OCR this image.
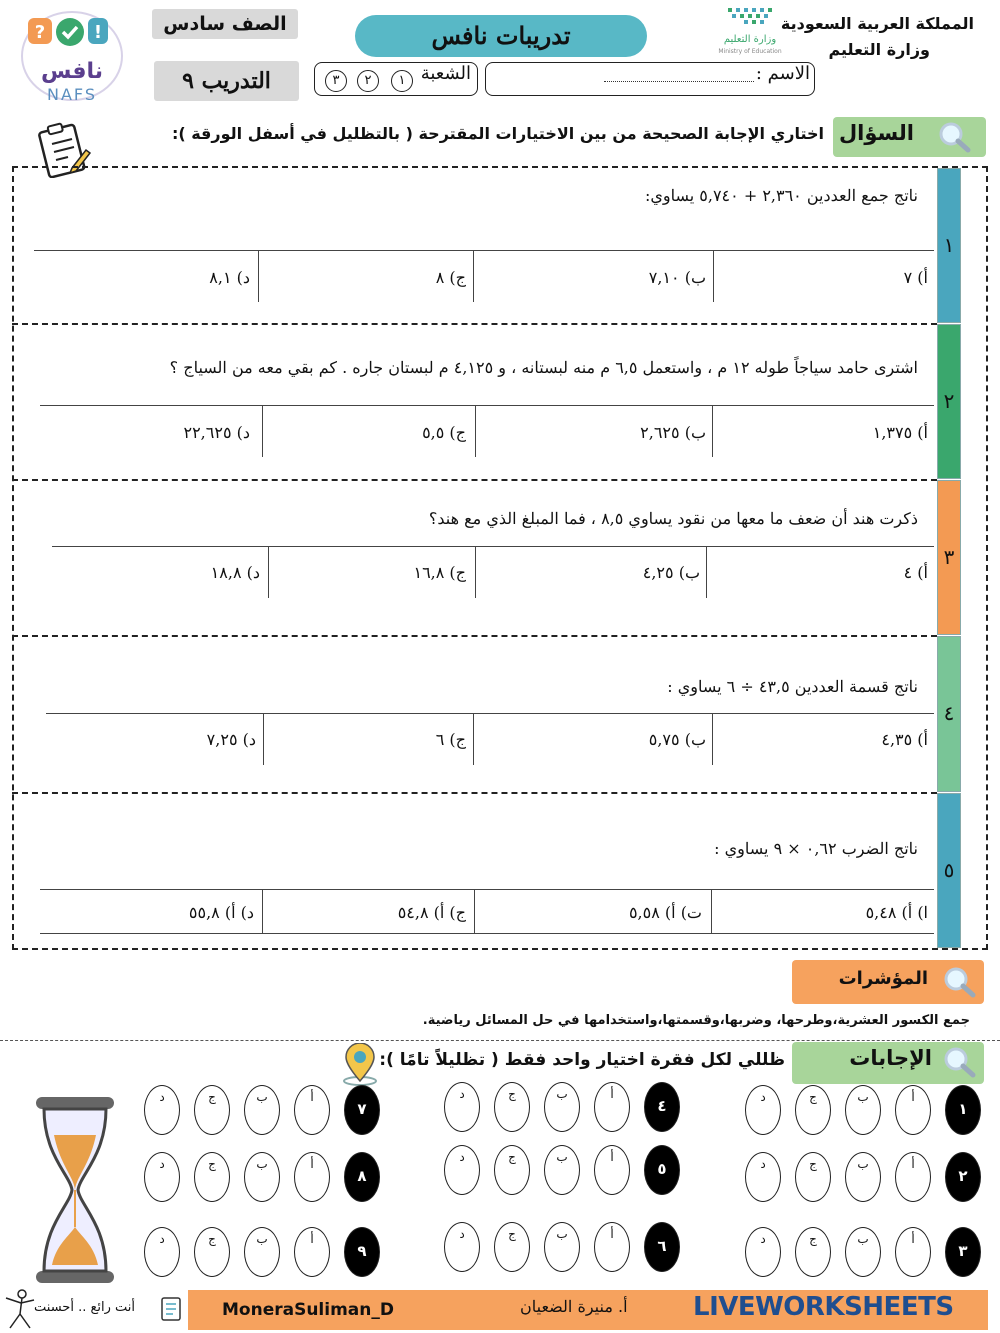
?	!
نافس
NAFS
الصف سادس
التدريب ٩
تدريبات نافس	وزارة التعليم
Ministry of Education
المملكة العربية السعودية
وزارة التعليم
الشعبة
١
٢
٣	الاسم :
السؤال
اختاري الإجابة الصحيحة من بين الاختيارات المقترحة ( بالتظليل في أسفل الورقة ):
١
٢
٣
٤
٥
ناتج جمع العددين ٢,٣٦٠ + ٥,٧٤٠ يساوي:
أ) ٧
ب) ٧,١٠
ج) ٨
د) ٨,١
اشترى حامد سياجاً طوله ١٢ م ، واستعمل ٦,٥ م منه لبستانه ، و ٤,١٢٥ م لبستان جاره . كم بقي معه من السياج ؟
أ) ١,٣٧٥
ب) ٢,٦٢٥
ج) ٥,٥
د) ٢٢,٦٢٥
ذكرت هند أن ضعف ما معها من نقود يساوي ٨,٥ ، فما المبلغ الذي مع هند؟
أ) ٤
ب) ٤,٢٥
ج) ١٦,٨
د) ١٨,٨
ناتج قسمة العددين ٤٣,٥ ÷ ٦ يساوي :
أ) ٤,٣٥
ب) ٥,٧٥
ج) ٦
د) ٧,٢٥
ناتج الضرب ٠,٦٢ × ٩ يساوي :
ا) أ) ٥,٤٨
ت) أ) ٥,٥٨
ج) أ) ٥٤,٨
د) أ) ٥٥,٨
المؤشرات
جمع الكسور العشرية،وطرحها، وضربها،وقسمتها،واستخدامها في حل المسائل رياضية.
الإجابات
ظللي لكل فقرة اختيار واحد فقط ( تظليلاً تامًا ):
د	ج	ب	أ
١
د	ج	ب	أ
٢
د	ج	ب	أ
٣
د	ج	ب	أ
٤
د	ج	ب	أ
٥
د	ج	ب	أ
٦
د	ج	ب	أ
٧
د	ج	ب	أ
٨
د	ج	ب	أ
٩
MoneraSuliman_D	أ. منيرة الضعيان	LIVEWORKSHEETS
أنت رائع .. أحسنت
